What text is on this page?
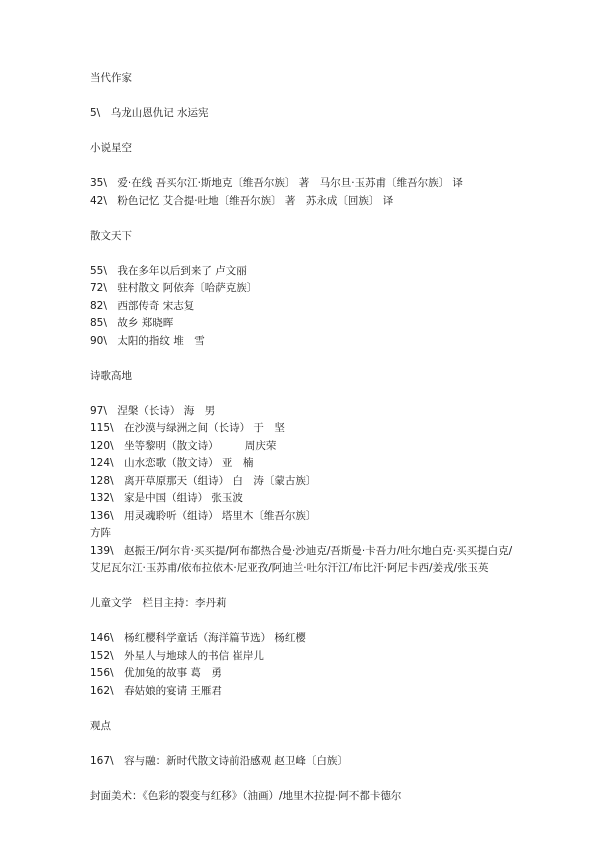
当代作家
5\　乌龙山恩仇记 水运宪
小说星空
35\　爱·在线 吾买尔江·斯地克〔维吾尔族〕 著　马尔旦·玉苏甫〔维吾尔族〕 译
42\　粉色记忆 艾合提·吐地〔维吾尔族〕 著　苏永成〔回族〕 译
散文天下
55\　我在多年以后到来了 卢文丽
72\　驻村散文 阿依奔〔哈萨克族〕
82\　西部传奇 宋志复
85\　故乡 郑晓晖
90\　太阳的指纹 堆　雪
诗歌高地
97\　涅槃（长诗） 海　男
115\　在沙漠与绿洲之间（长诗） 于　坚
120\　坐等黎明（散文诗）　　　周庆荣
124\　山水恋歌（散文诗） 亚　楠
128\　离开草原那天（组诗） 白　涛〔蒙古族〕
132\　家是中国（组诗） 张玉波
136\　用灵魂聆听（组诗） 塔里木〔维吾尔族〕
方阵
139\　赵振王/阿尔肯·买买提/阿布都热合曼·沙迪克/吾斯曼·卡吾力/吐尔地白克·买买提白克/艾尼瓦尔江·玉苏甫/依布拉依木·尼亚孜/阿迪兰·吐尔汗江/布比汗·阿尼卡西/姜戎/张玉英
儿童文学　栏目主持：李丹莉
146\　杨红樱科学童话（海洋篇节选） 杨红樱
152\　外星人与地球人的书信 崔岸儿
156\　优加兔的故事 葛　勇
162\　春姑娘的宴请 王雁君
观点
167\　容与融：新时代散文诗前沿感观 赵卫峰〔白族〕
封面美术：《色彩的裂变与红移》（油画）/地里木拉提·阿不都卡德尔
